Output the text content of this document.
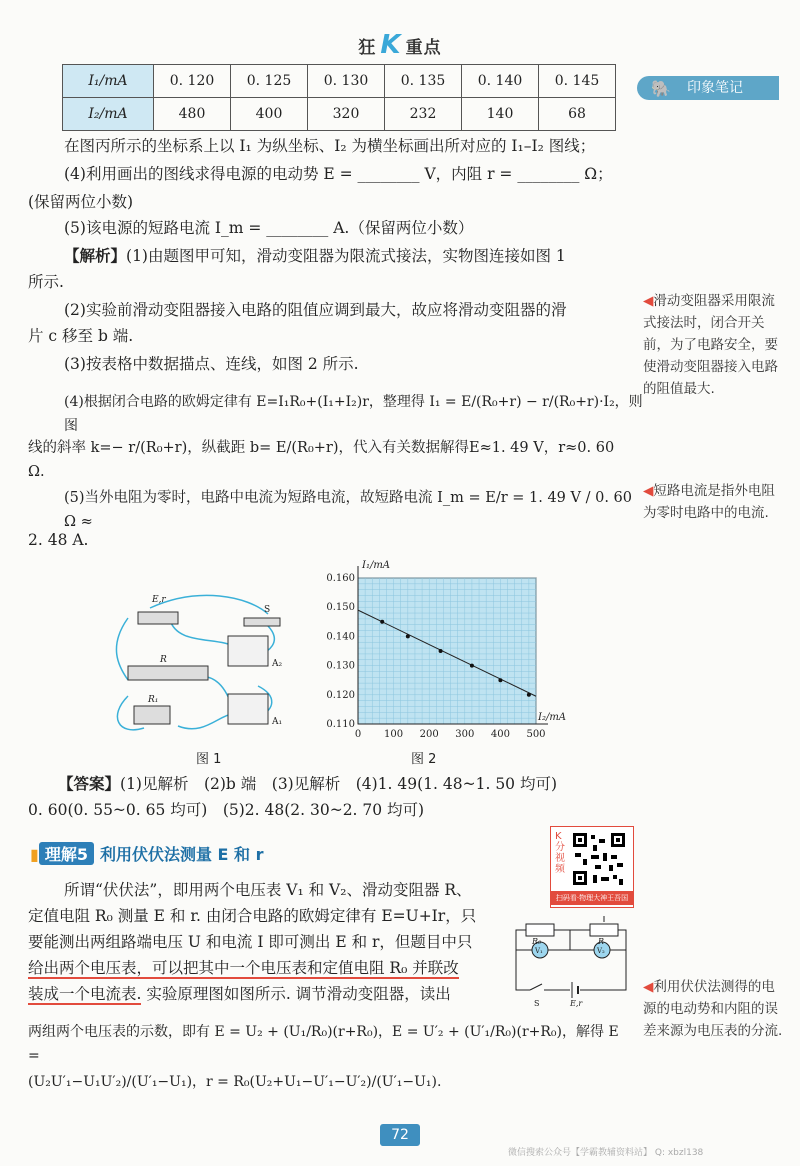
狂 K 重点
🐘 印象笔记
I₁/mA	0. 120	0. 125	0. 130	0. 135	0. 140	0. 145
I₂/mA	480	400	320	232	140	68
在图丙所示的坐标系上以 I₁ 为纵坐标、I₂ 为横坐标画出所对应的 I₁–I₂ 图线；
(4)利用画出的图线求得电源的电动势 E = ________ V，内阻 r = ________ Ω；
(保留两位小数)
(5)该电源的短路电流 I_m = ________ A.（保留两位小数）
【解析】(1)由题图甲可知，滑动变阻器为限流式接法，实物图连接如图 1
所示.
(2)实验前滑动变阻器接入电路的阻值应调到最大，故应将滑动变阻器的滑
片 c 移至 b 端.
(3)按表格中数据描点、连线，如图 2 所示.
(4)根据闭合电路的欧姆定律有 E=I₁R₀+(I₁+I₂)r，整理得 I₁ = E/(R₀+r) − r/(R₀+r)·I₂，则图
线的斜率 k=− r/(R₀+r)，纵截距 b= E/(R₀+r)，代入有关数据解得E≈1. 49 V，r≈0. 60 Ω.
(5)当外电阻为零时，电路中电流为短路电流，故短路电流 I_m = E/r = 1. 49 V / 0. 60 Ω ≈
2. 48 A.
◀滑动变阻器采用限流式接法时，闭合开关前，为了电路安全，要使滑动变阻器接入电路的阻值最大.
◀短路电流是指外电阻为零时电路中的电流.
◀利用伏伏法测得的电源的电动势和内阻的误差来源为电压表的分流.
E,r
S
R	A₂
R₁
A₁
图 1
0 100 200 300 400 500
0.110
0.120
0.130
0.140
0.150
0.160
I₁/mA
I₂/mA
图 2
【答案】(1)见解析　(2)b 端　(3)见解析　(4)1. 49(1. 48~1. 50 均可)
0. 60(0. 55~0. 65 均可)　(5)2. 48(2. 30~2. 70 均可)
▮ 理解5 利用伏伏法测量 E 和 r
K分视频
扫码看·物理大神王吾国
所谓“伏伏法”，即用两个电压表 V₁ 和 V₂、滑动变阻器 R、
定值电阻 R₀ 测量 E 和 r. 由闭合电路的欧姆定律有 E=U+Ir，只
要能测出两组路端电压 U 和电流 I 即可测出 E 和 r，但题目中只
给出两个电压表，可以把其中一个电压表和定值电阻 R₀ 并联改
装成一个电流表. 实验原理图如图所示. 调节滑动变阻器，读出
两组两个电压表的示数，即有 E = U₂ + (U₁/R₀)(r+R₀)，E = U′₂ + (U′₁/R₀)(r+R₀)，解得 E =
(U₂U′₁−U₁U′₂)/(U′₁−U₁)，r = R₀(U₂+U₁−U′₁−U′₂)/(U′₁−U₁).
R₀	R
V₁	V₂
S	E,r
72
微信搜索公众号【学霸教辅资料站】 Q: xbzl138
